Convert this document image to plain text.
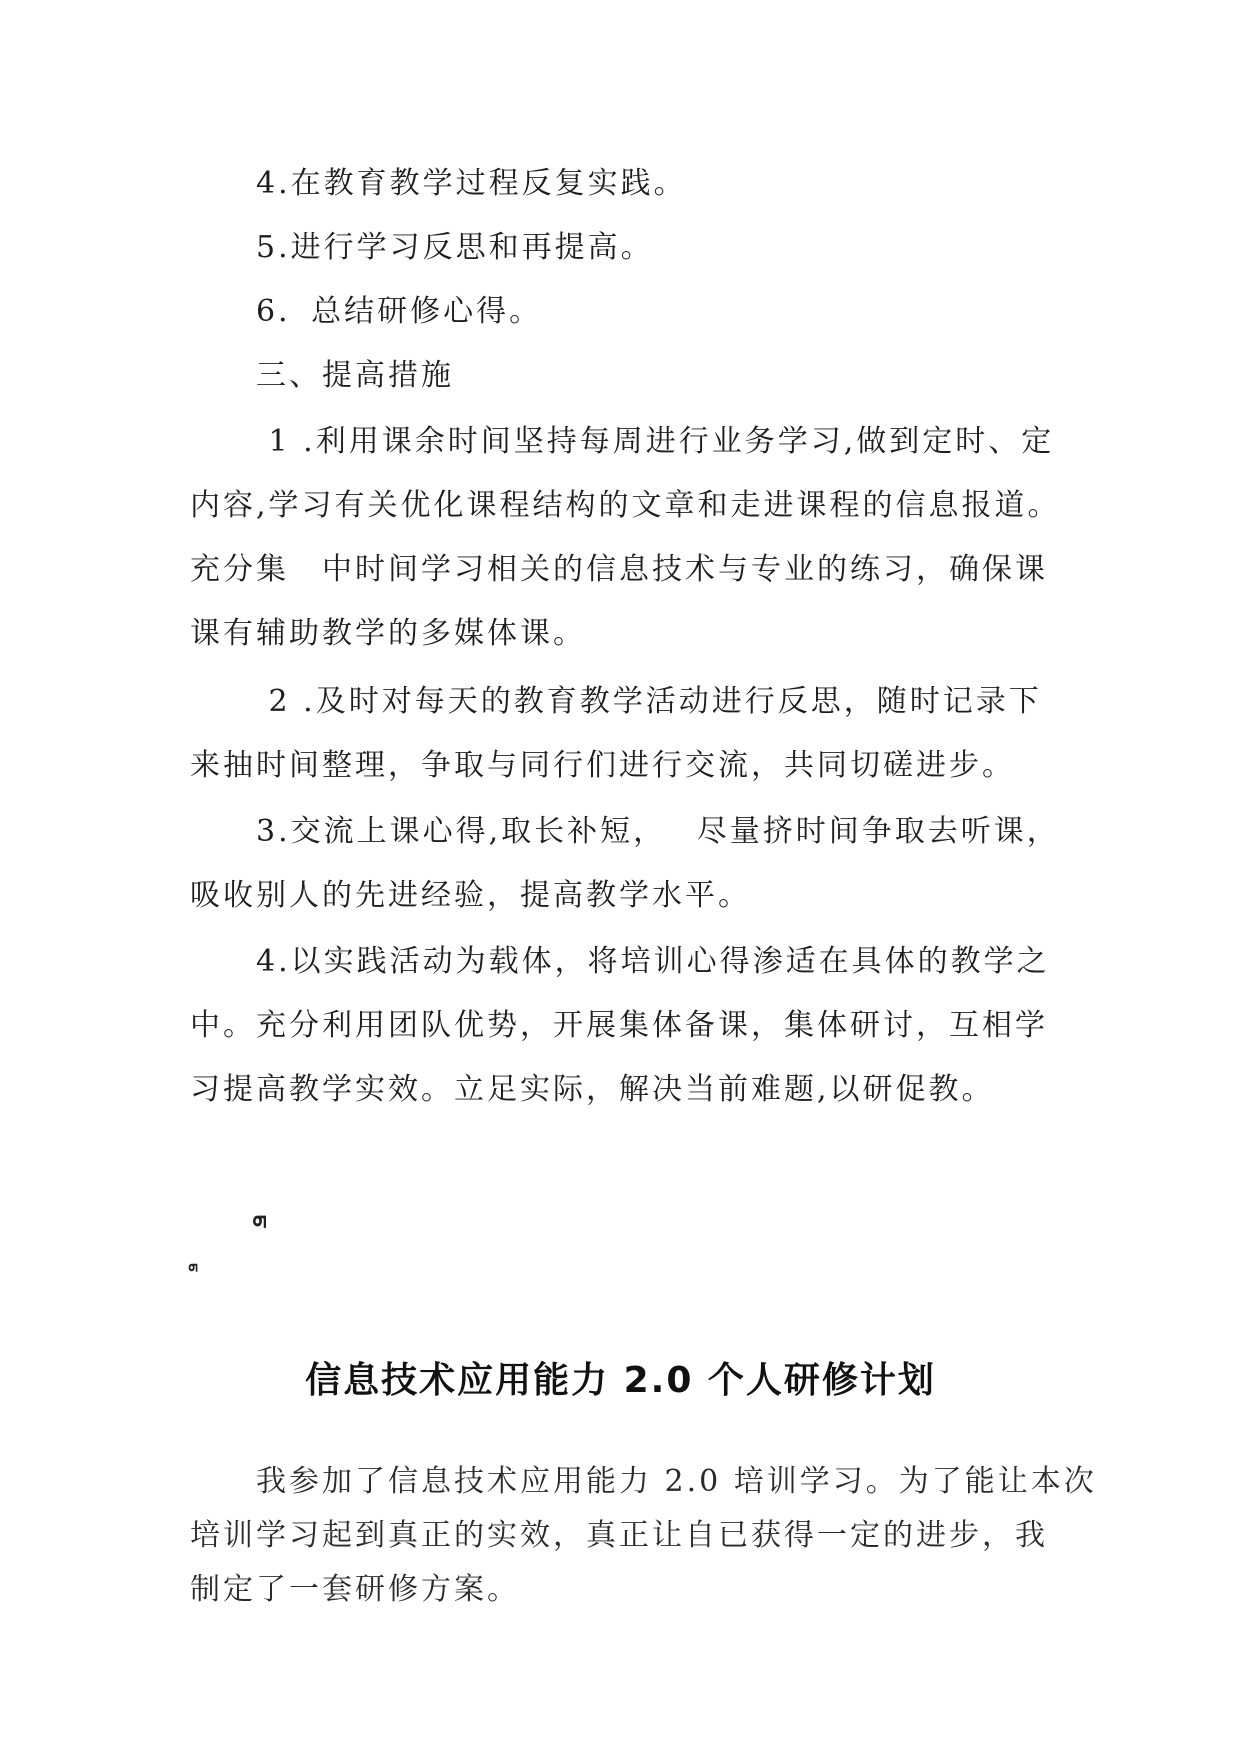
4.在教育教学过程反复实践。
5.进行学习反思和再提高。
6．总结研修心得。
三、提高措施
1 .利用课余时间坚持每周进行业务学习,做到定时、定
内容,学习有关优化课程结构的文章和走进课程的信息报道。
充分集　中时间学习相关的信息技术与专业的练习，确保课
课有辅助教学的多媒体课。
2 .及时对每天的教育教学活动进行反思，随时记录下
来抽时间整理，争取与同行们进行交流，共同切磋进步。
3.交流上课心得,取长补短，　 尽量挤时间争取去听课，
吸收别人的先进经验，提高教学水平。
4.以实践活动为载体，将培训心得渗适在具体的教学之
中。充分利用团队优势，开展集体备课，集体研讨，互相学
习提高教学实效。立足实际，解决当前难题,以研促教。
ܗ
ܗ
信息技术应用能力 2.0 个人研修计划
我参加了信息技术应用能力 2.0 培训学习。为了能让本次
培训学习起到真正的实效，真正让自已获得一定的进步，我
制定了一套研修方案。
